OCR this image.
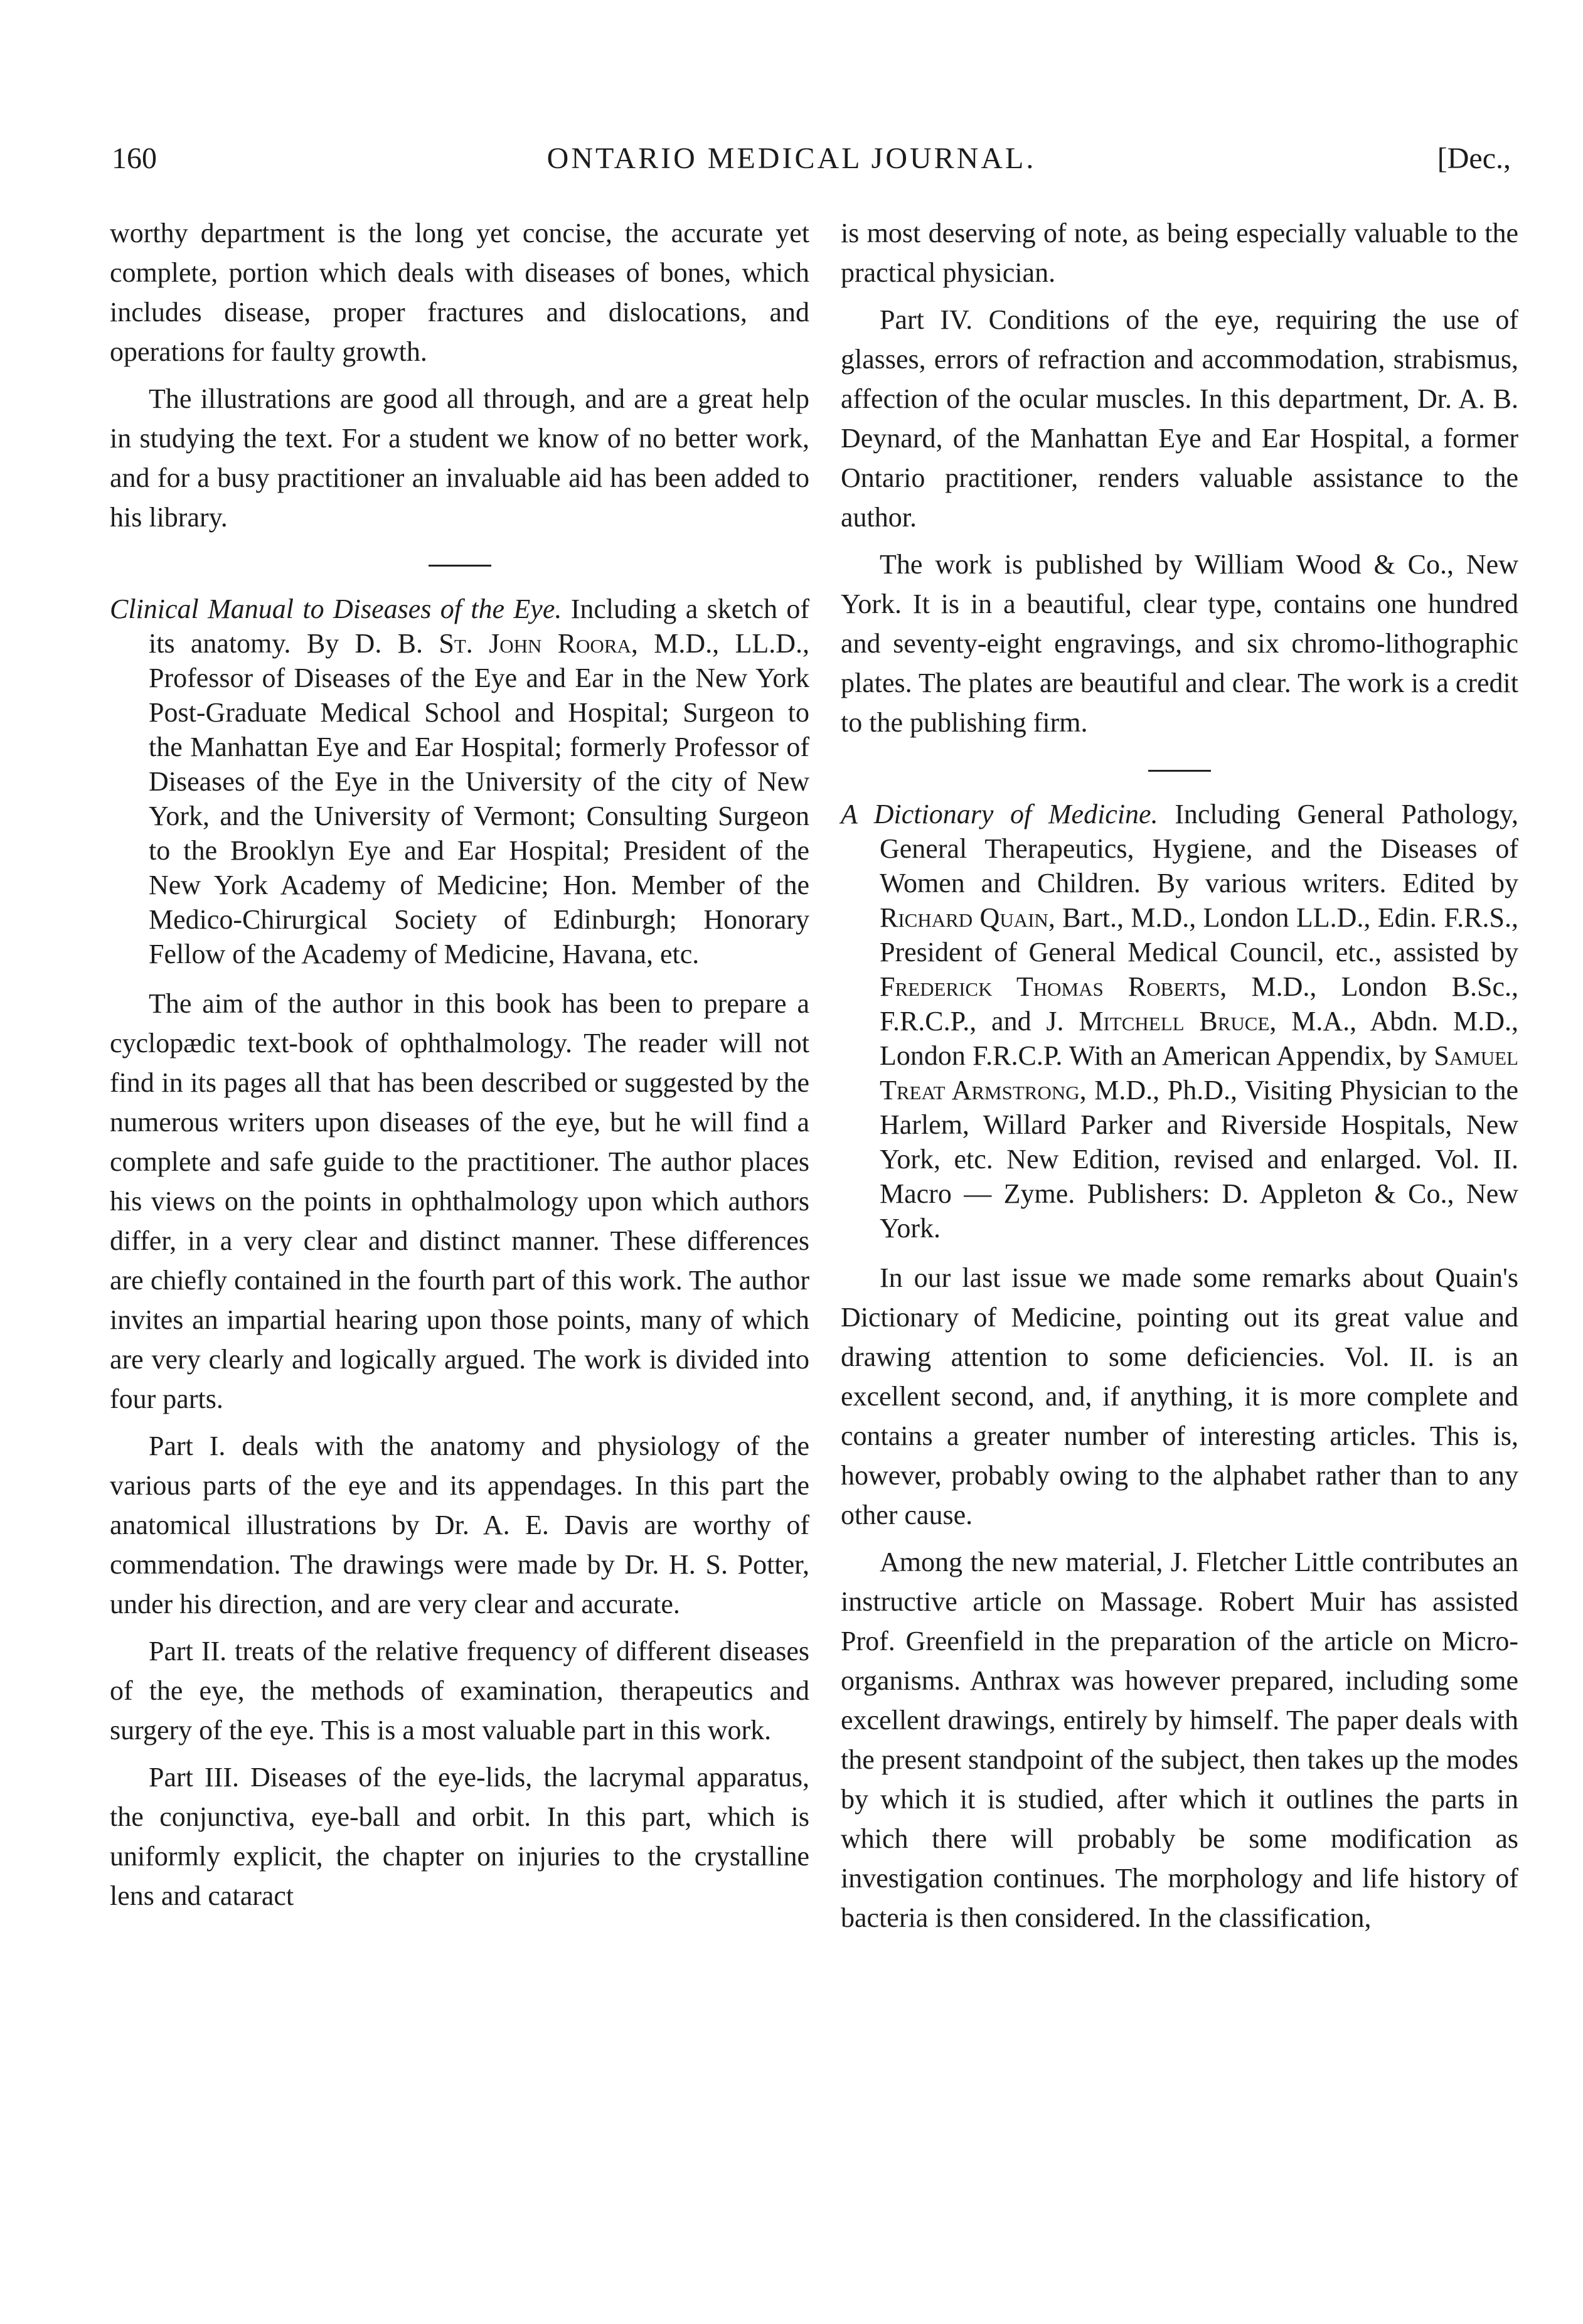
160	ONTARIO MEDICAL JOURNAL.	[Dec.,

worthy department is the long yet concise, the accurate yet complete, portion which deals with diseases of bones, which includes disease, proper fractures and dislocations, and operations for faulty growth.

The illustrations are good all through, and are a great help in studying the text. For a student we know of no better work, and for a busy practitioner an invaluable aid has been added to his library.

Clinical Manual to Diseases of the Eye. Including a sketch of its anatomy. By D. B. St. John Roora, M.D., LL.D., Professor of Diseases of the Eye and Ear in the New York Post-Graduate Medical School and Hospital; Surgeon to the Manhattan Eye and Ear Hospital; formerly Professor of Diseases of the Eye in the University of the city of New York, and the University of Vermont; Consulting Surgeon to the Brooklyn Eye and Ear Hospital; President of the New York Academy of Medicine; Hon. Member of the Medico-Chirurgical Society of Edinburgh; Honorary Fellow of the Academy of Medicine, Havana, etc.

The aim of the author in this book has been to prepare a cyclopædic text-book of ophthalmology. The reader will not find in its pages all that has been described or suggested by the numerous writers upon diseases of the eye, but he will find a complete and safe guide to the practitioner. The author places his views on the points in ophthalmology upon which authors differ, in a very clear and distinct manner. These differences are chiefly contained in the fourth part of this work. The author invites an impartial hearing upon those points, many of which are very clearly and logically argued. The work is divided into four parts.

Part I. deals with the anatomy and physiology of the various parts of the eye and its appendages. In this part the anatomical illustrations by Dr. A. E. Davis are worthy of commendation. The drawings were made by Dr. H. S. Potter, under his direction, and are very clear and accurate.

Part II. treats of the relative frequency of different diseases of the eye, the methods of examination, therapeutics and surgery of the eye. This is a most valuable part in this work.

Part III. Diseases of the eye-lids, the lacrymal apparatus, the conjunctiva, eye-ball and orbit. In this part, which is uniformly explicit, the chapter on injuries to the crystalline lens and cataract

is most deserving of note, as being especially valuable to the practical physician.

Part IV. Conditions of the eye, requiring the use of glasses, errors of refraction and accommodation, strabismus, affection of the ocular muscles. In this department, Dr. A. B. Deynard, of the Manhattan Eye and Ear Hospital, a former Ontario practitioner, renders valuable assistance to the author.

The work is published by William Wood & Co., New York. It is in a beautiful, clear type, contains one hundred and seventy-eight engravings, and six chromo-lithographic plates. The plates are beautiful and clear. The work is a credit to the publishing firm.

A Dictionary of Medicine. Including General Pathology, General Therapeutics, Hygiene, and the Diseases of Women and Children. By various writers. Edited by Richard Quain, Bart., M.D., London LL.D., Edin. F.R.S., President of General Medical Council, etc., assisted by Frederick Thomas Roberts, M.D., London B.Sc., F.R.C.P., and J. Mitchell Bruce, M.A., Abdn. M.D., London F.R.C.P. With an American Appendix, by Samuel Treat Armstrong, M.D., Ph.D., Visiting Physician to the Harlem, Willard Parker and Riverside Hospitals, New York, etc. New Edition, revised and enlarged. Vol. II. Macro — Zyme. Publishers: D. Appleton & Co., New York.

In our last issue we made some remarks about Quain's Dictionary of Medicine, pointing out its great value and drawing attention to some deficiencies. Vol. II. is an excellent second, and, if anything, it is more complete and contains a greater number of interesting articles. This is, however, probably owing to the alphabet rather than to any other cause.

Among the new material, J. Fletcher Little contributes an instructive article on Massage. Robert Muir has assisted Prof. Greenfield in the preparation of the article on Micro-organisms. Anthrax was however prepared, including some excellent drawings, entirely by himself. The paper deals with the present standpoint of the subject, then takes up the modes by which it is studied, after which it outlines the parts in which there will probably be some modification as investigation continues. The morphology and life history of bacteria is then considered. In the classification,
